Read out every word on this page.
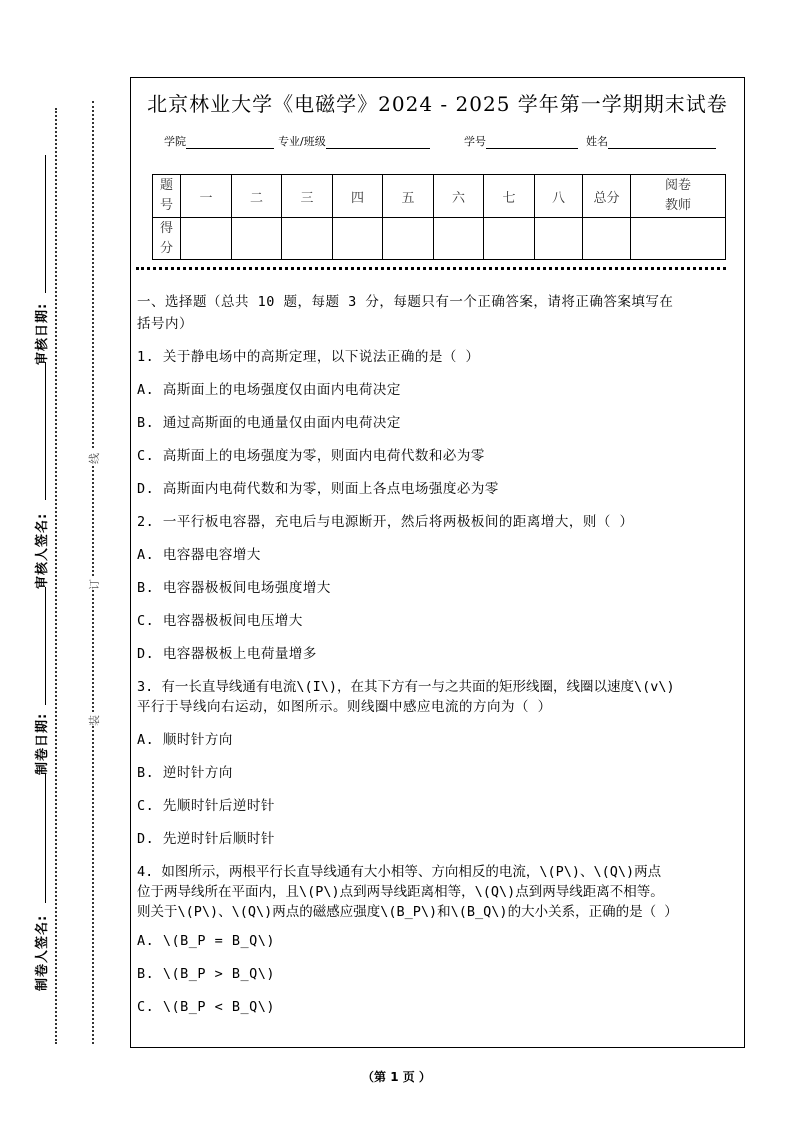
审核日期:
审核人签名:
制卷日期:
制卷人签名:
线
订
装
北京林业大学《电磁学》2024 - 2025 学年第一学期期末试卷
学院	专业/班级	学号	姓名
题
号	一	二	三	四	五	六	七	八	总分	阅卷
教师

得
分										

一、选择题（总共 10 题，每题 3 分，每题只有一个正确答案，请将正确答案填写在
括号内）
1. 关于静电场中的高斯定理，以下说法正确的是（ ）
A. 高斯面上的电场强度仅由面内电荷决定
B. 通过高斯面的电通量仅由面内电荷决定
C. 高斯面上的电场强度为零，则面内电荷代数和必为零
D. 高斯面内电荷代数和为零，则面上各点电场强度必为零
2. 一平行板电容器，充电后与电源断开，然后将两极板间的距离增大，则（ ）
A. 电容器电容增大
B. 电容器极板间电场强度增大
C. 电容器极板间电压增大
D. 电容器极板上电荷量增多
3. 有一长直导线通有电流\(I\)，在其下方有一与之共面的矩形线圈，线圈以速度\(v\)
平行于导线向右运动，如图所示。则线圈中感应电流的方向为（ ）
A. 顺时针方向
B. 逆时针方向
C. 先顺时针后逆时针
D. 先逆时针后顺时针
4. 如图所示，两根平行长直导线通有大小相等、方向相反的电流，\(P\)、\(Q\)两点
位于两导线所在平面内，且\(P\)点到两导线距离相等，\(Q\)点到两导线距离不相等。
则关于\(P\)、\(Q\)两点的磁感应强度\(B_P\)和\(B_Q\)的大小关系，正确的是（ ）
A. \(B_P = B_Q\)
B. \(B_P > B_Q\)
C. \(B_P < B_Q\)
（第 1 页 ）
